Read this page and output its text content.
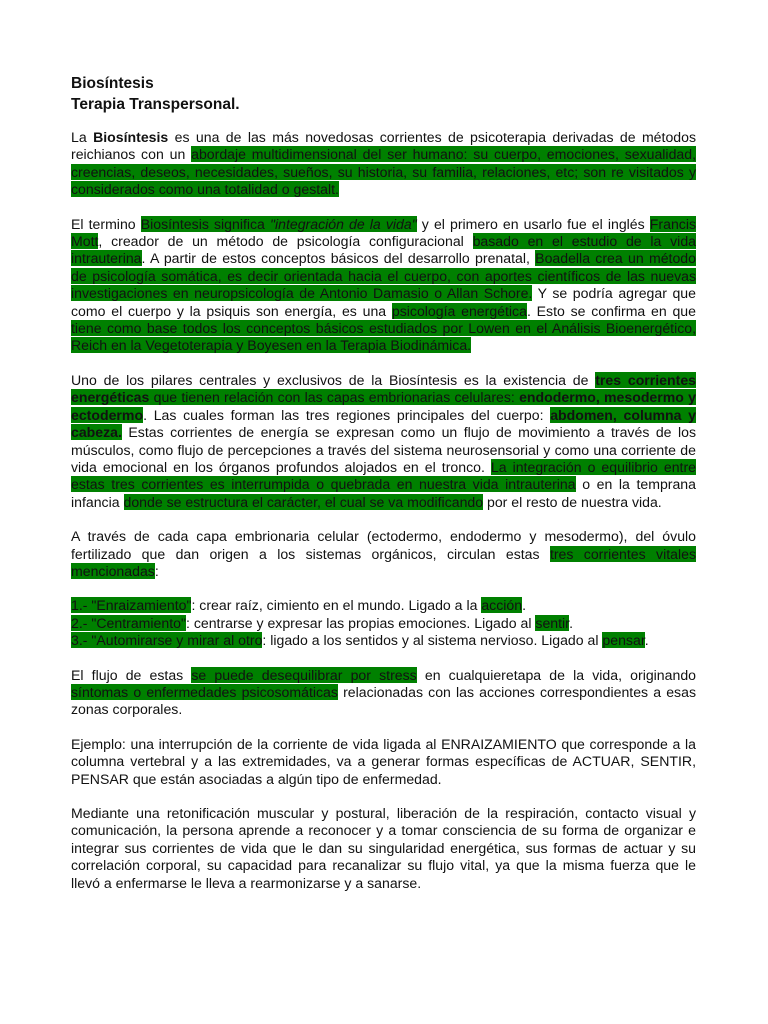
Biosíntesis
Terapia Transpersonal.

La Biosíntesis es una de las más novedosas corrientes de psicoterapia derivadas de métodos reichianos con un abordaje multidimensional del ser humano: su cuerpo, emociones, sexualidad, creencias, deseos, necesidades, sueños, su historia, su familia, relaciones, etc; son re visitados y considerados como una totalidad o gestalt.

El termino Biosíntesis significa "integración de la vida" y el primero en usarlo fue el inglés Francis Mott, creador de un método de psicología configuracional basado en el estudio de la vida intrauterina. A partir de estos conceptos básicos del desarrollo prenatal, Boadella crea un método de psicología somática, es decir orientada hacia el cuerpo, con aportes científicos de las nuevas investigaciones en neuropsicología de Antonio Damasio o Allan Schore. Y se podría agregar que como el cuerpo y la psiquis son energía, es una psicología energética. Esto se confirma en que tiene como base todos los conceptos básicos estudiados por Lowen en el Análisis Bioenergético, Reich en la Vegetoterapia y Boyesen en la Terapia Biodinámica.

Uno de los pilares centrales y exclusivos de la Biosíntesis es la existencia de tres corrientes energéticas que tienen relación con las capas embrionarias celulares: endodermo, mesodermo y ectodermo. Las cuales forman las tres regiones principales del cuerpo: abdomen, columna y cabeza. Estas corrientes de energía se expresan como un flujo de movimiento a través de los músculos, como flujo de percepciones a través del sistema neurosensorial y como una corriente de vida emocional en los órganos profundos alojados en el tronco. La integración o equilibrio entre estas tres corrientes es interrumpida o quebrada en nuestra vida intrauterina o en la temprana infancia donde se estructura el carácter, el cual se va modificando por el resto de nuestra vida.

A través de cada capa embrionaria celular (ectodermo, endodermo y mesodermo), del óvulo fertilizado que dan origen a los sistemas orgánicos, circulan estas tres corrientes vitales mencionadas:

1.- "Enraizamiento": crear raíz, cimiento en el mundo. Ligado a la acción.
2.- "Centramiento": centrarse y expresar las propias emociones. Ligado al sentir.
3.- "Automirarse y mirar al otro: ligado a los sentidos y al sistema nervioso. Ligado al pensar.

El flujo de estas se puede desequilibrar por stress en cualquieretapa de la vida, originando síntomas o enfermedades psicosomáticas relacionadas con las acciones correspondientes a esas zonas corporales.

Ejemplo: una interrupción de la corriente de vida ligada al ENRAIZAMIENTO que corresponde a la columna vertebral y a las extremidades, va a generar formas específicas de ACTUAR, SENTIR, PENSAR que están asociadas a algún tipo de enfermedad.

Mediante una retonificación muscular y postural, liberación de la respiración, contacto visual y comunicación, la persona aprende a reconocer y a tomar consciencia de su forma de organizar e integrar sus corrientes de vida que le dan su singularidad energética, sus formas de actuar y su correlación corporal, su capacidad para recanalizar su flujo vital, ya que la misma fuerza que le llevó a enfermarse le lleva a rearmonizarse y a sanarse.
